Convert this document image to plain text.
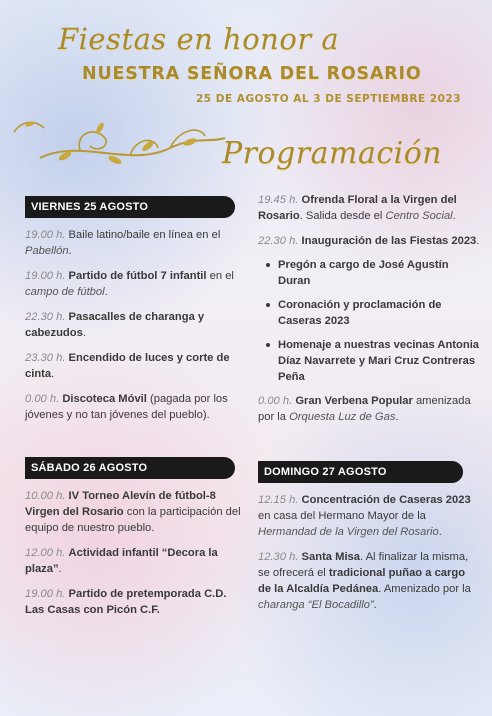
Fiestas en honor a
NUESTRA SEÑORA DEL ROSARIO
25 DE AGOSTO AL 3 DE SEPTIEMBRE 2023
Programación
VIERNES 25 AGOSTO
19.00 h. Baile latino/baile en línea en el Pabellón.
19.00 h. Partido de fútbol 7 infantil en el campo de fútbol.
22.30 h. Pasacalles de charanga y cabezudos.
23.30 h. Encendido de luces y corte de cinta.
0.00 h. Discoteca Móvil (pagada por los jóvenes y no tan jóvenes del pueblo).
SÁBADO 26 AGOSTO
10.00 h. IV Torneo Alevín de fútbol-8 Virgen del Rosario con la participación del equipo de nuestro pueblo.
12.00 h. Actividad infantil “Decora la plaza”.
19.00 h. Partido de pretemporada C.D. Las Casas con Picón C.F.
19.45 h. Ofrenda Floral a la Virgen del Rosario. Salida desde el Centro Social.
22.30 h. Inauguración de las Fiestas 2023.
Pregón a cargo de José Agustín Duran
Coronación y proclamación de Caseras 2023
Homenaje a nuestras vecinas Antonia Díaz Navarrete y Mari Cruz Contreras Peña
0.00 h. Gran Verbena Popular amenizada por la Orquesta Luz de Gas.
DOMINGO 27 AGOSTO
12.15 h. Concentración de Caseras 2023 en casa del Hermano Mayor de la Hermandad de la Virgen del Rosario.
12.30 h. Santa Misa. Al finalizar la misma, se ofrecerá el tradicional puñao a cargo de la Alcaldía Pedánea. Amenizado por la charanga “El Bocadillo”.
